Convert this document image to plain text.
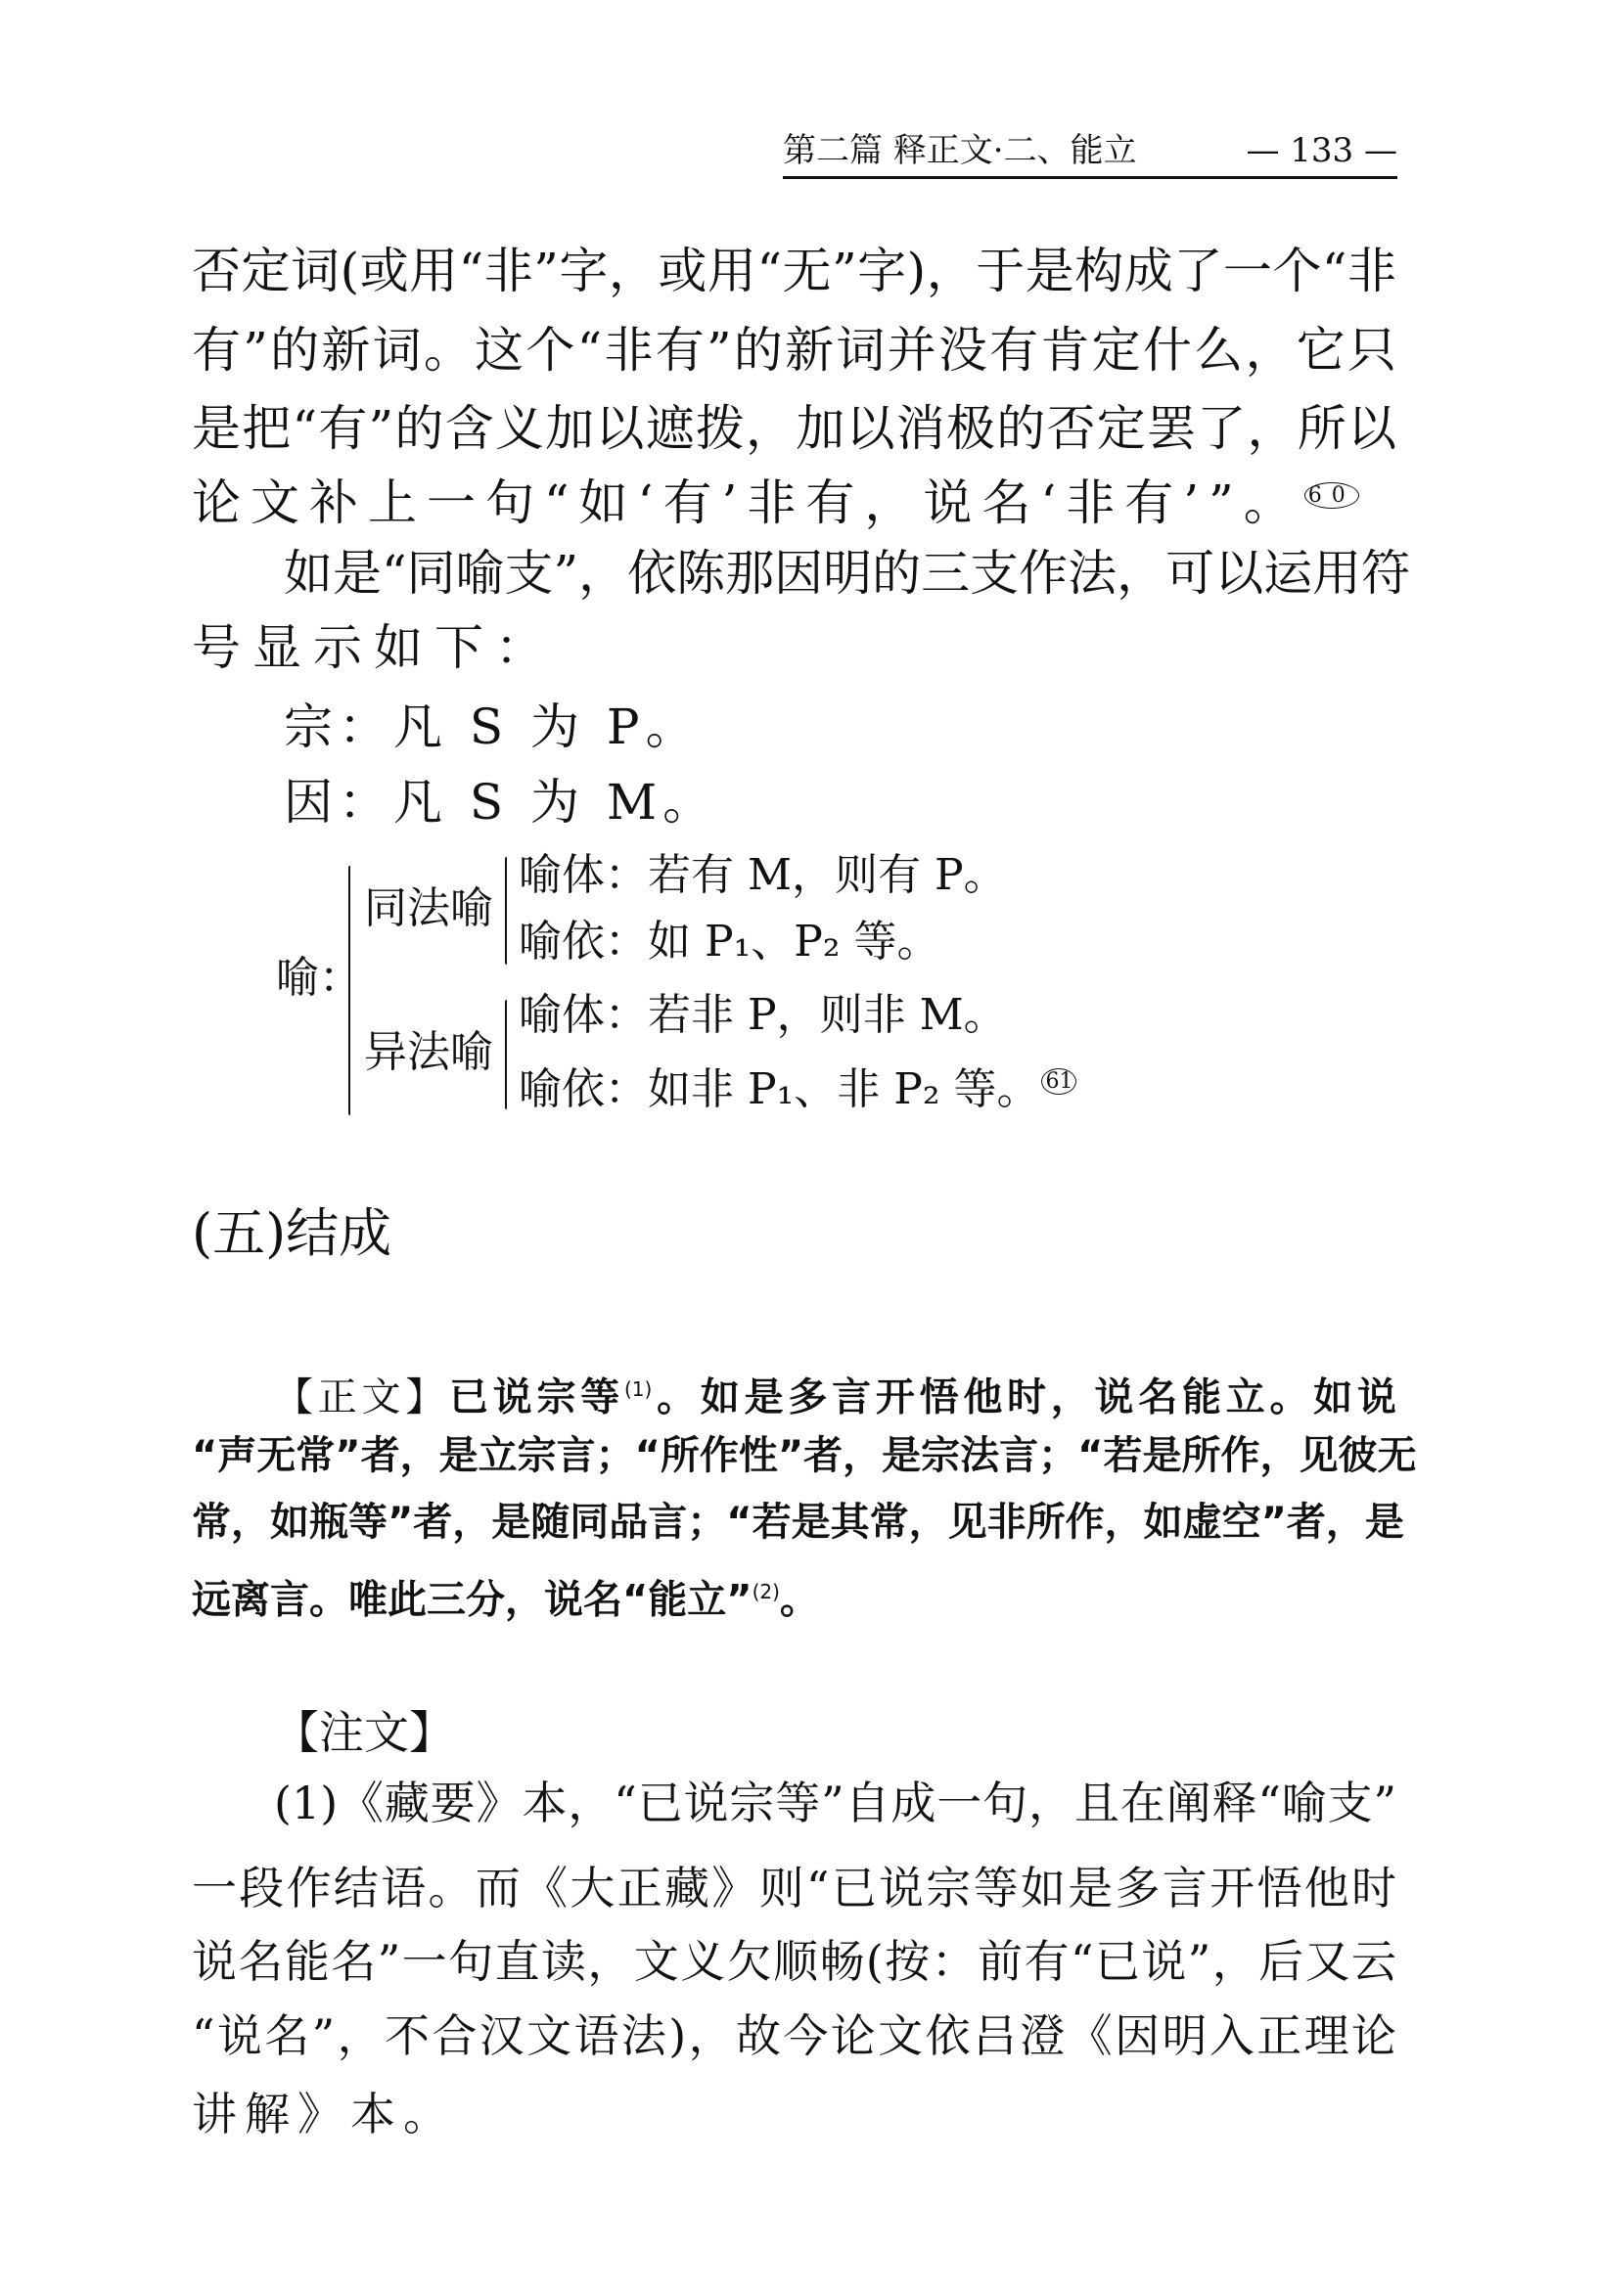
第二篇 释正文·二、能立	— 133 —
否定词(或用“非”字，或用“无”字)，于是构成了一个“非
有”的新词。这个“非有”的新词并没有肯定什么，它只
是把“有”的含义加以遮拨，加以消极的否定罢了，所以
论文补上一句“如‘有’非有，说名‘非有’”。 $^{60}$
如是“同喻支”，依陈那因明的三支作法，可以运用符
号显示如下：
宗：凡 S 为 P。
因：凡 S 为 M。
喻：
同法喻
喻体：若有 M，则有 P。
喻依：如 P₁、P₂ 等。
异法喻
喻体：若非 P，则非 M。
喻依：如非 P₁、非 P₂ 等。 $^{61}$
(五)结成
【正文】已说宗等$^{(1)}$。如是多言开悟他时，说名能立。如说
“声无常”者，是立宗言；“所作性”者，是宗法言；“若是所作，见彼无
常，如瓶等”者，是随同品言；“若是其常，见非所作，如虚空”者，是
远离言。唯此三分，说名“能立”$^{(2)}$。
【注文】
(1)《藏要》本，“已说宗等”自成一句，且在阐释“喻支”
一段作结语。而《大正藏》则“已说宗等如是多言开悟他时
说名能名”一句直读，文义欠顺畅(按：前有“已说”，后又云
“说名”，不合汉文语法)，故今论文依吕澄《因明入正理论
讲解》本。
